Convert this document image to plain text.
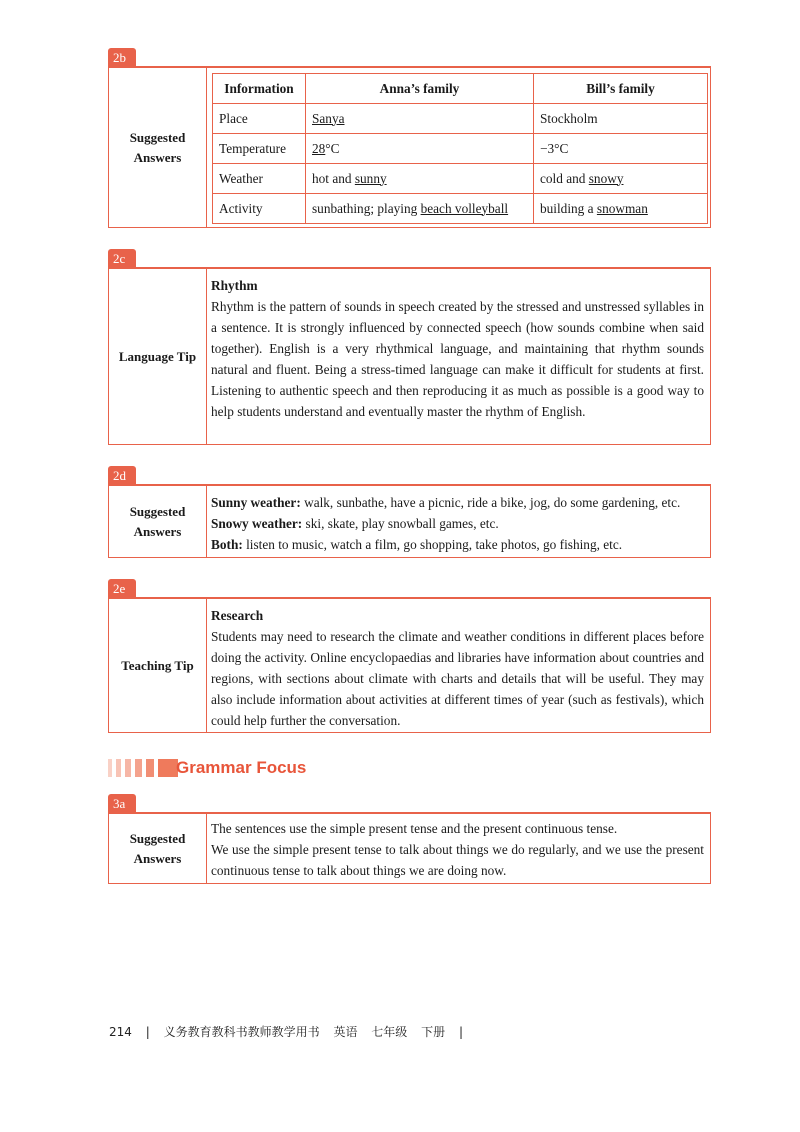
2b
Suggested
Answers
Information	Anna’s family	Bill’s family
Place	Sanya	Stockholm
Temperature	28°C	−3°C
Weather	hot and sunny	cold and snowy
Activity	sunbathing; playing beach volleyball	building a snowman
2c
Language Tip
Rhythm
Rhythm is the pattern of sounds in speech created by the stressed and unstressed syllables in a sentence. It is strongly influenced by connected speech (how sounds combine when said together). English is a very rhythmical language, and maintaining that rhythm sounds natural and fluent. Being a stress-timed language can make it difficult for students at first. Listening to authentic speech and then reproducing it as much as possible is a good way to help students understand and eventually master the rhythm of English.
2d
Suggested
Answers
Sunny weather: walk, sunbathe, have a picnic, ride a bike, jog, do some gardening, etc.
Snowy weather: ski, skate, play snowball games, etc.
Both: listen to music, watch a film, go shopping, take photos, go fishing, etc.
2e
Teaching Tip
Research
Students may need to research the climate and weather conditions in different places before doing the activity. Online encyclopaedias and libraries have information about countries and regions, with sections about climate with charts and details that will be useful. They may also include information about activities at different times of year (such as festivals), which could help further the conversation.
Grammar Focus
3a
Suggested
Answers
The sentences use the simple present tense and the present continuous tense.
We use the simple present tense to talk about things we do regularly, and we use the present continuous tense to talk about things we are doing now.
214 | 义务教育教科书教师教学用书 英语 七年级 下册 |
